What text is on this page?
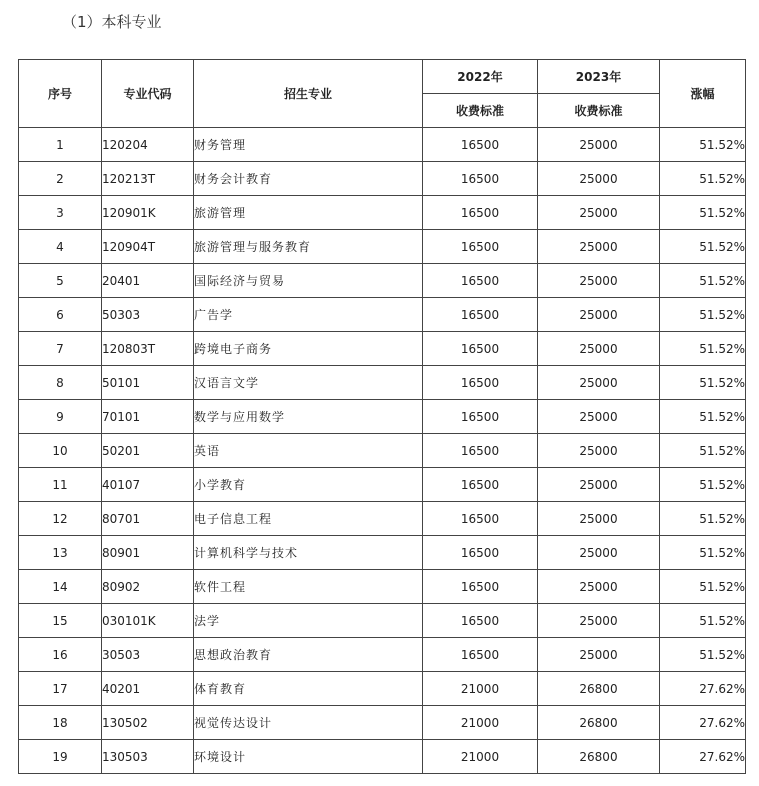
（1）本科专业
序号	专业代码	招生专业	2022年	2023年	涨幅
			收费标准	收费标准	
1	120204	财务管理	16500	25000	51.52%
2	120213T	财务会计教育	16500	25000	51.52%
3	120901K	旅游管理	16500	25000	51.52%
4	120904T	旅游管理与服务教育	16500	25000	51.52%
5	20401	国际经济与贸易	16500	25000	51.52%
6	50303	广告学	16500	25000	51.52%
7	120803T	跨境电子商务	16500	25000	51.52%
8	50101	汉语言文学	16500	25000	51.52%
9	70101	数学与应用数学	16500	25000	51.52%
10	50201	英语	16500	25000	51.52%
11	40107	小学教育	16500	25000	51.52%
12	80701	电子信息工程	16500	25000	51.52%
13	80901	计算机科学与技术	16500	25000	51.52%
14	80902	软件工程	16500	25000	51.52%
15	030101K	法学	16500	25000	51.52%
16	30503	思想政治教育	16500	25000	51.52%
17	40201	体育教育	21000	26800	27.62%
18	130502	视觉传达设计	21000	26800	27.62%
19	130503	环境设计	21000	26800	27.62%
